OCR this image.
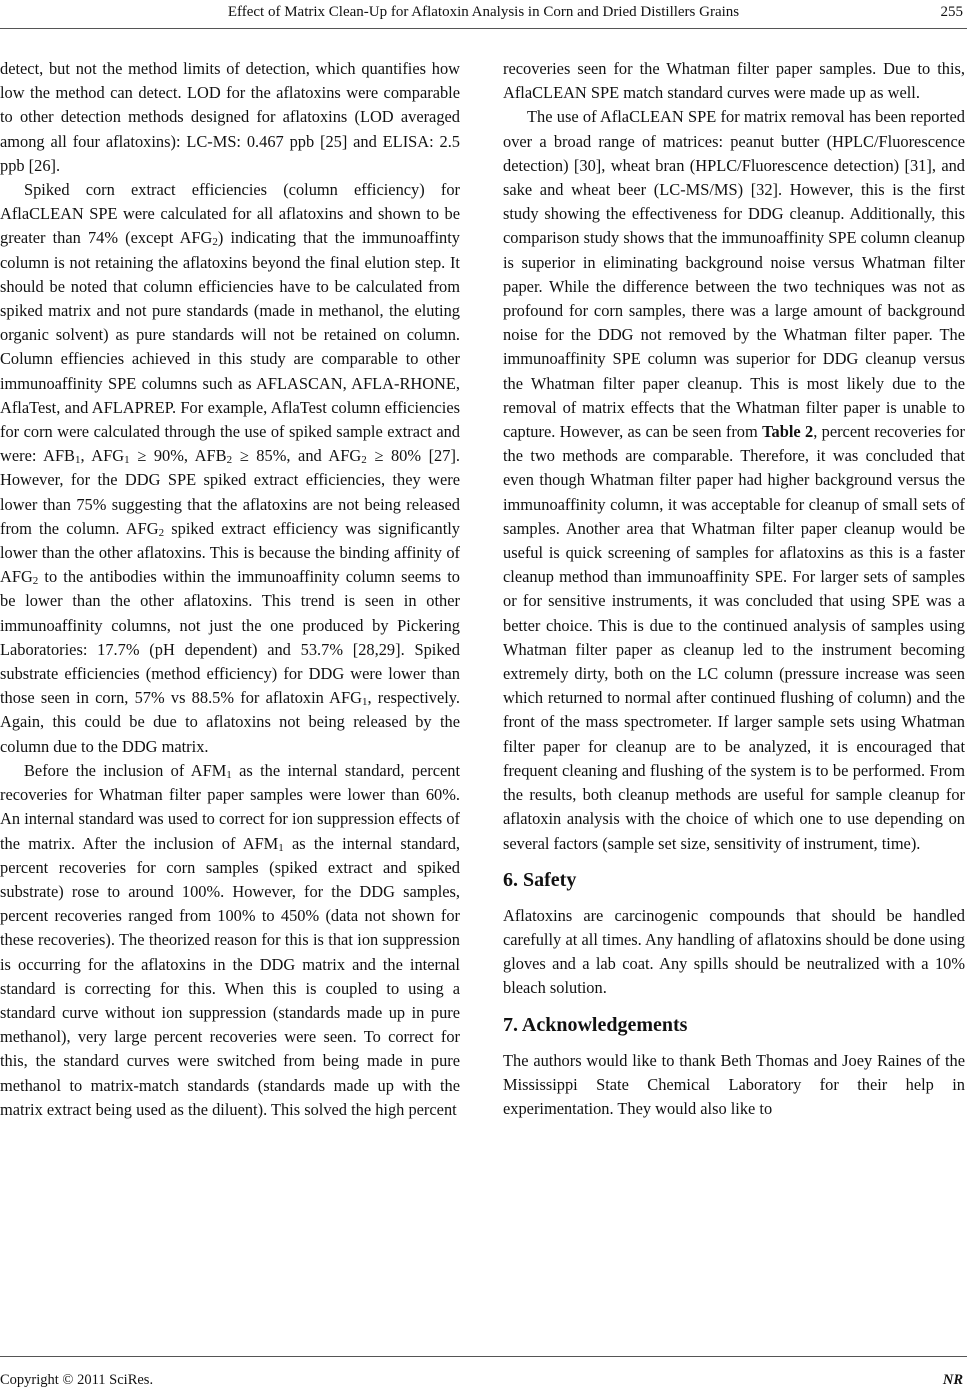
Effect of Matrix Clean-Up for Aflatoxin Analysis in Corn and Dried Distillers Grains	255

detect, but not the method limits of detection, which quantifies how low the method can detect. LOD for the aflatoxins were comparable to other detection methods designed for aflatoxins (LOD averaged among all four aflatoxins): LC-MS: 0.467 ppb [25] and ELISA: 2.5 ppb [26].

Spiked corn extract efficiencies (column efficiency) for AflaCLEAN SPE were calculated for all aflatoxins and shown to be greater than 74% (except $AFG_2$) indicating that the immunoaffinty column is not retaining the aflatoxins beyond the final elution step. It should be noted that column efficiencies have to be calculated from spiked matrix and not pure standards (made in methanol, the eluting organic solvent) as pure standards will not be retained on column. Column effiencies achieved in this study are comparable to other immunoaffinity SPE columns such as AFLASCAN, AFLA-RHONE, AflaTest, and AFLAPREP. For example, AflaTest column efficiencies for corn were calculated through the use of spiked sample extract and were: $AFB_1$, $AFG_1 \ge 90\%$, $AFB_2 \ge 85\%$, and $AFG_2 \ge 80\%$ [27]. However, for the DDG SPE spiked extract efficiencies, they were lower than 75% suggesting that the aflatoxins are not being released from the column. $AFG_2$ spiked extract efficiency was significantly lower than the other aflatoxins. This is because the binding affinity of $AFG_2$ to the antibodies within the immunoaffinity column seems to be lower than the other aflatoxins. This trend is seen in other immunoaffinity columns, not just the one produced by Pickering Laboratories: 17.7% (pH dependent) and 53.7% [28,29]. Spiked substrate efficiencies (method efficiency) for DDG were lower than those seen in corn, 57% vs 88.5% for aflatoxin $AFG_1$, respectively. Again, this could be due to aflatoxins not being released by the column due to the DDG matrix.

Before the inclusion of $AFM_1$ as the internal standard, percent recoveries for Whatman filter paper samples were lower than 60%. An internal standard was used to correct for ion suppression effects of the matrix. After the inclusion of $AFM_1$ as the internal standard, percent recoveries for corn samples (spiked extract and spiked substrate) rose to around 100%. However, for the DDG samples, percent recoveries ranged from 100% to 450% (data not shown for these recoveries). The theorized reason for this is that ion suppression is occurring for the aflatoxins in the DDG matrix and the internal standard is correcting for this. When this is coupled to using a standard curve without ion suppression (standards made up in pure methanol), very large percent recoveries were seen. To correct for this, the standard curves were switched from being made in pure methanol to matrix-match standards (standards made up with the matrix extract being used as the diluent). This solved the high percent

recoveries seen for the Whatman filter paper samples. Due to this, AflaCLEAN SPE match standard curves were made up as well.

The use of AflaCLEAN SPE for matrix removal has been reported over a broad range of matrices: peanut butter (HPLC/Fluorescence detection) [30], wheat bran (HPLC/Fluorescence detection) [31], and sake and wheat beer (LC-MS/MS) [32]. However, this is the first study showing the effectiveness for DDG cleanup. Additionally, this comparison study shows that the immunoaffinity SPE column cleanup is superior in eliminating background noise versus Whatman filter paper. While the difference between the two techniques was not as profound for corn samples, there was a large amount of background noise for the DDG not removed by the Whatman filter paper. The immunoaffinity SPE column was superior for DDG cleanup versus the Whatman filter paper cleanup. This is most likely due to the removal of matrix effects that the Whatman filter paper is unable to capture. However, as can be seen from Table 2, percent recoveries for the two methods are comparable. Therefore, it was concluded that even though Whatman filter paper had higher background versus the immunoaffinity column, it was acceptable for cleanup of small sets of samples. Another area that Whatman filter paper cleanup would be useful is quick screening of samples for aflatoxins as this is a faster cleanup method than immunoaffinity SPE. For larger sets of samples or for sensitive instruments, it was concluded that using SPE was a better choice. This is due to the continued analysis of samples using Whatman filter paper as cleanup led to the instrument becoming extremely dirty, both on the LC column (pressure increase was seen which returned to normal after continued flushing of column) and the front of the mass spectrometer. If larger sample sets using Whatman filter paper for cleanup are to be analyzed, it is encouraged that frequent cleaning and flushing of the system is to be performed. From the results, both cleanup methods are useful for sample cleanup for aflatoxin analysis with the choice of which one to use depending on several factors (sample set size, sensitivity of instrument, time).

6. Safety

Aflatoxins are carcinogenic compounds that should be handled carefully at all times. Any handling of aflatoxins should be done using gloves and a lab coat. Any spills should be neutralized with a 10% bleach solution.

7. Acknowledgements

The authors would like to thank Beth Thomas and Joey Raines of the Mississippi State Chemical Laboratory for their help in experimentation. They would also like to

Copyright © 2011 SciRes.	NR
